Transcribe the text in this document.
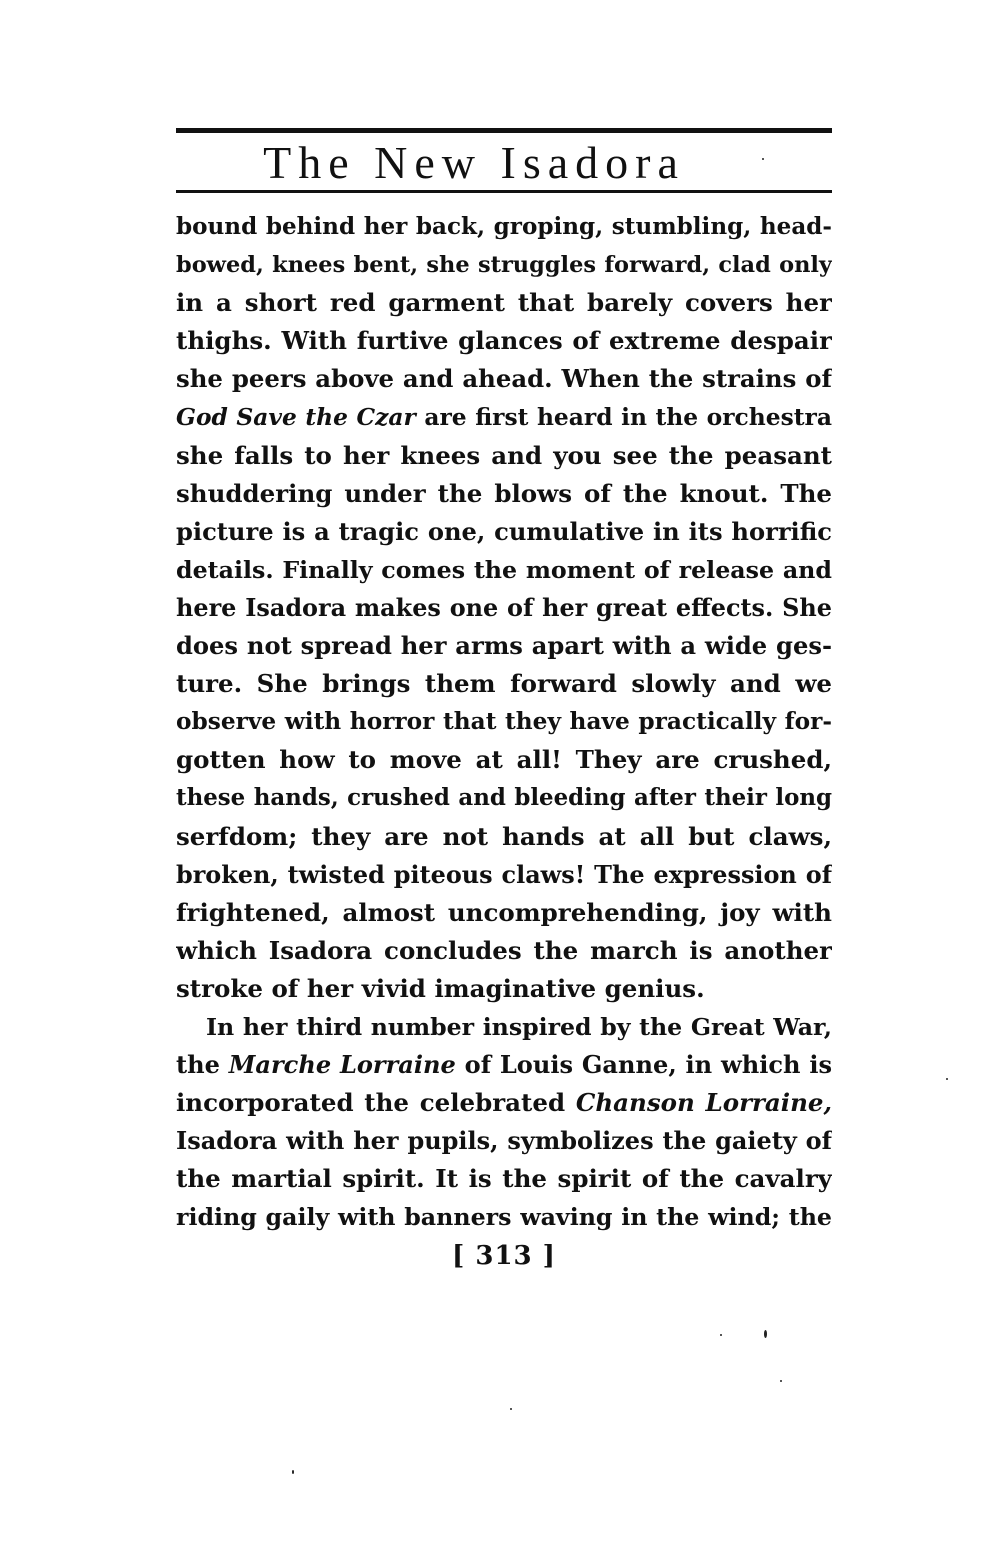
The New Isadora
bound behind her back, groping, stumbling, head-
bowed, knees bent, she struggles forward, clad only
in a short red garment that barely covers her
thighs. With furtive glances of extreme despair
she peers above and ahead. When the strains of
God Save the Czar are first heard in the orchestra
she falls to her knees and you see the peasant
shuddering under the blows of the knout. The
picture is a tragic one, cumulative in its horrific
details. Finally comes the moment of release and
here Isadora makes one of her great effects. She
does not spread her arms apart with a wide ges-
ture. She brings them forward slowly and we
observe with horror that they have practically for-
gotten how to move at all! They are crushed,
these hands, crushed and bleeding after their long
serfdom; they are not hands at all but claws,
broken, twisted piteous claws! The expression of
frightened, almost uncomprehending, joy with
which Isadora concludes the march is another
stroke of her vivid imaginative genius.
In her third number inspired by the Great War,
the Marche Lorraine of Louis Ganne, in which is
incorporated the celebrated Chanson Lorraine,
Isadora with her pupils, symbolizes the gaiety of
the martial spirit. It is the spirit of the cavalry
riding gaily with banners waving in the wind; the
[ 313 ]
